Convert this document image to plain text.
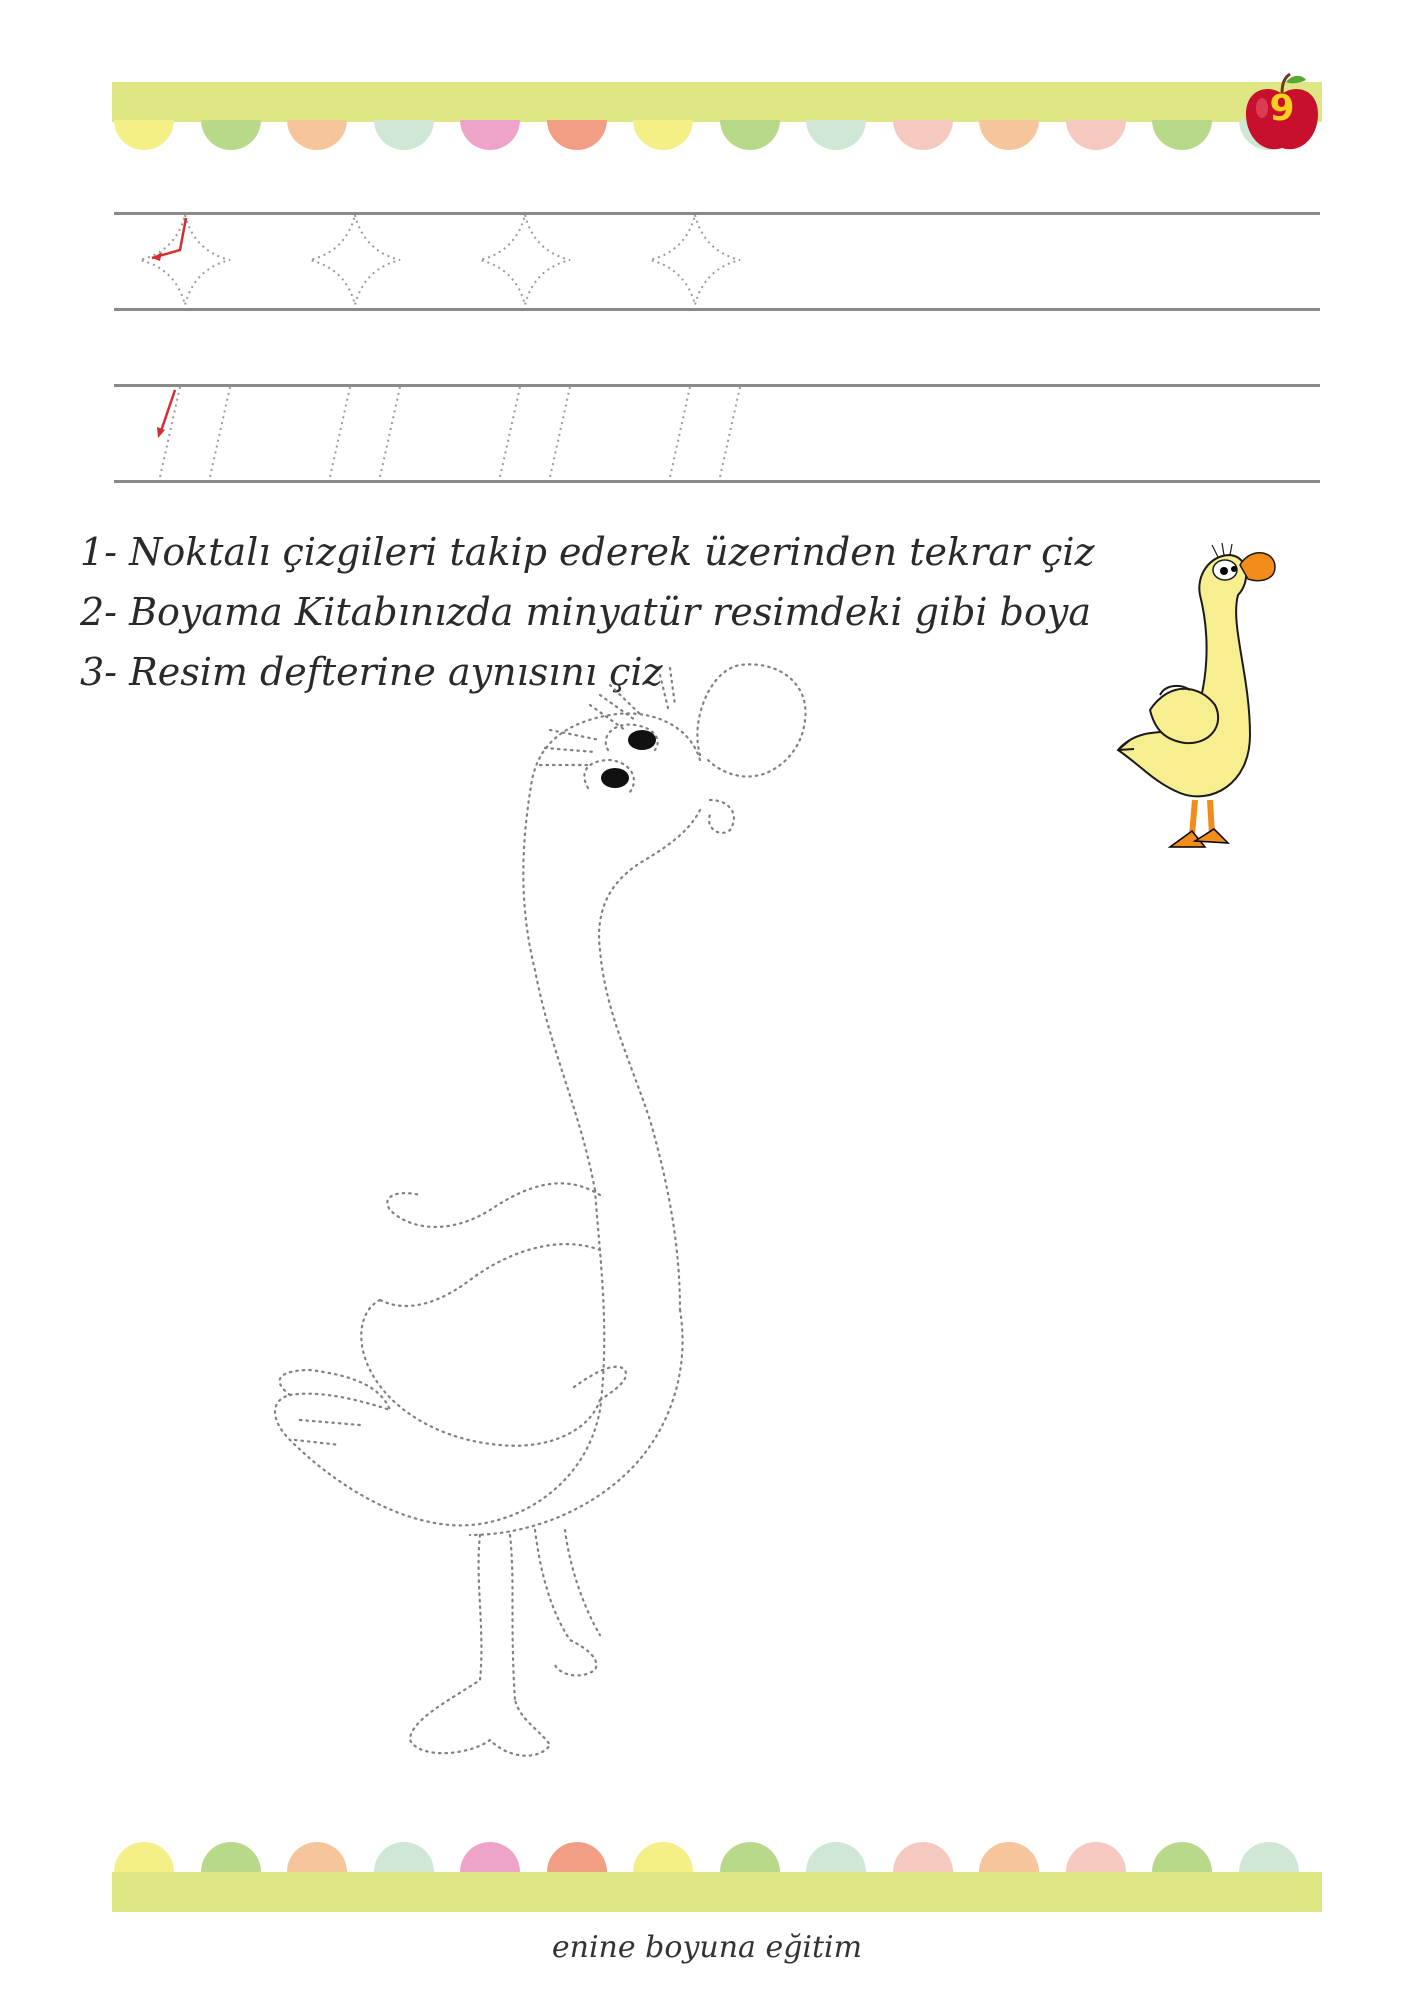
9
1- Noktalı çizgileri takip ederek üzerinden tekrar çiz
2- Boyama Kitabınızda minyatür resimdeki gibi boya
3- Resim defterine aynısını çiz
enine boyuna eğitim
